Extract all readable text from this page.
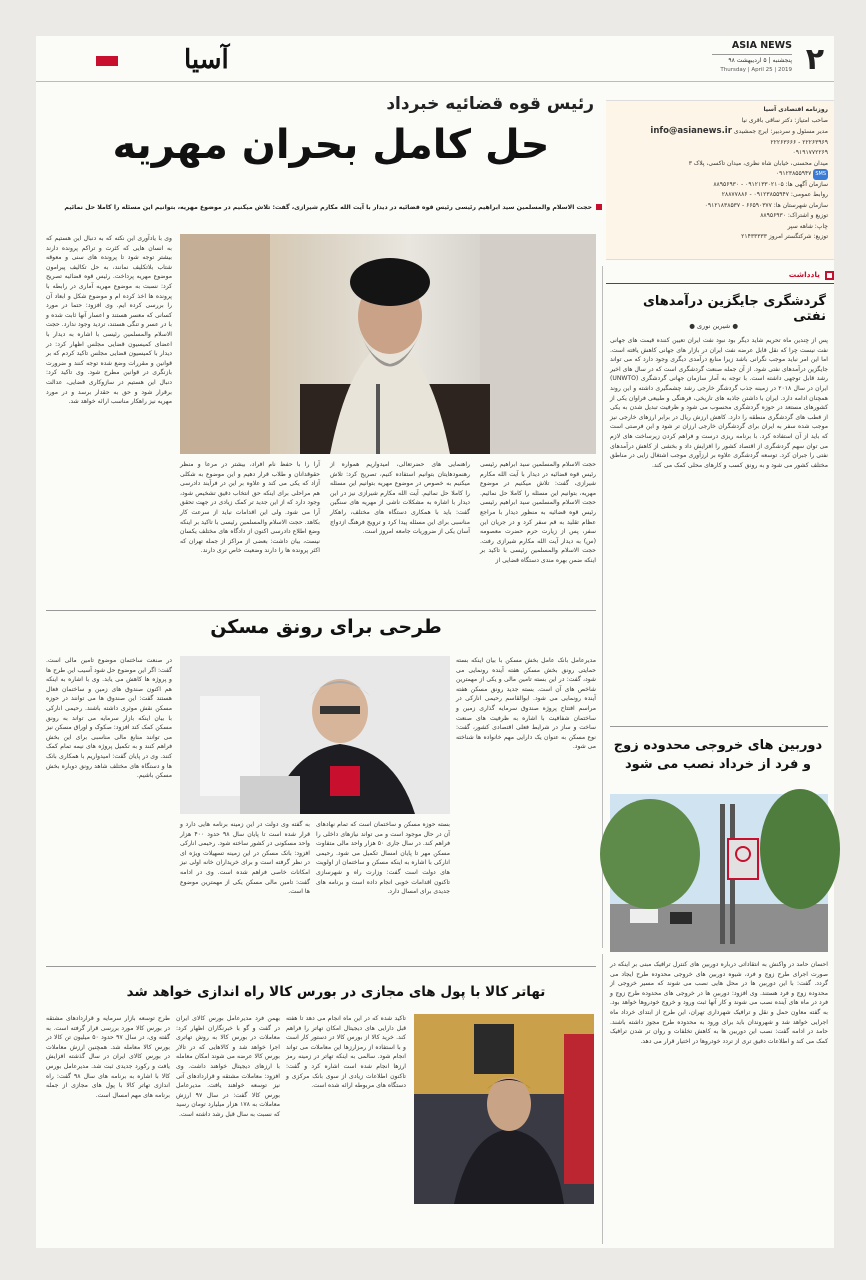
۲
ASIA NEWS
پنجشنبه | ۵ اردیبهشت ۹۸
Thursday | April 25 | 2019
آسیا
رئیس قوه قضائیه خبرداد
حل کامل بحران مهریه
حجت الاسلام والمسلمین سید ابراهیم رئیسی رئیس قوه قضائیه در دیدار با آیت الله مکارم شیرازی، گفت: تلاش میکنیم در موضوع مهریه، بتوانیم این مسئله را کاملا حل نمائیم
حجت الاسلام والمسلمین سید ابراهیم رئیسی رئیس قوه قضائیه در دیدار با آیت الله مکارم شیرازی، گفت: تلاش میکنیم در موضوع مهریه، بتوانیم این مسئله را کاملا حل نمائیم. حجت الاسلام والمسلمین سید ابراهیم رئیسی رئیس قوه قضائیه به منظور دیدار با مراجع عظام تقلید به قم سفر کرد و در جریان این سفر، پس از زیارت حرم حضرت معصومه (س) به دیدار آیت الله مکارم شیرازی رفت. حجت الاسلام والمسلمین رئیسی با تاکید بر اینکه ضمن بهره مندی دستگاه قضایی از
راهنمایی های حضرتعالی، امیدواریم همواره از رهنمودهایتان بتوانیم استفاده کنیم، تصریح کرد: تلاش میکنیم به خصوص در موضوع مهریه بتوانیم این مسئله را کاملا حل نمائیم. آیت الله مکارم شیرازی نیز در این دیدار با اشاره به مشکلات ناشی از مهریه های سنگین گفت: باید با همکاری دستگاه های مختلف، راهکار مناسبی برای این مسئله پیدا کرد و ترویج فرهنگ ازدواج آسان یکی از ضروریات جامعه امروز است.
آرا را با حفظ نام افراد، بیشتر در مرعا و منظر حقوقدانان و طلاب قرار دهیم و این موضوع به شکلی آزاد که یکی می کند و علاوه بر این در فرآیند دادرسی هم مراحلی برای اینکه حق انتخاب دقیق تشخیص شود، وجود دارد که از این جدید تر کمک زیادی در جهت تحقق آرا می شود. ولی این اقدامات نباید از سرعت کار بکاهد. حجت الاسلام والمسلمین رئیسی با تاکید بر اینکه وضع اطلاع دادرسی اکنون از دادگاه های مختلف یکسان نیست، بیان داشت: بعضی از مراکز از جمله تهران که اکثر پرونده ها را دارند وضعیت خاص تری دارند.
وی با یادآوری این نکته که به دنبال این هستیم که به انسان هایی که کثرت و تراکم پرونده دارند بیشتر توجه شود تا پرونده های سنی و معوقه شتاب بلاتکلیف نمانند، به حل تکالیف پیرامون موضوع مهریه پرداخت. رئیس قوه قضائیه تصریح کرد: نسبت به موضوع مهریه آماری در رابطه با پرونده ها اخذ کرده ام و موضوع شکل و ابعاد آن را بررسی کرده ایم. وی افزود: حتما در مورد کسانی که معسر هستند و اعسار آنها ثابت شده و با در عسر و تنگی هستند، تردید وجود ندارد. حجت الاسلام والمسلمین رئیسی با اشاره به دیدار با اعضای کمیسیون قضایی مجلس اظهار کرد: در دیدار با کمیسیون قضایی مجلس تاکید کردم که بر قوانین و مقررات وضع شده توجه کنند و ضرورت بازنگری در قوانین مطرح شود. وی تاکید کرد: دنبال این هستیم در سازوکاری قضایی، عدالت برقرار شود و حق به حقدار برسد و در مورد مهریه نیز راهکار مناسب ارائه خواهد شد.
روزنامه اقتصادی آسیا
صاحب امتیاز: دکتر ساقی باقری نیا
مدیر مسئول و سردبیر: ایرج جمشیدی info@asianews.ir
۲۲۲۶۳۹۶۹ - ۲۲۲۶۳۶۶۶
۰۹۱۹۱۷۷۲۲۶۹
میدان محسنی، خیابان شاه نظری، میدان تاکسی، پلاک ۳
SMS ۰۹۱۲۳۸۵۵۹۴۷
سازمان آگهی ها: ۰۹۱۲۱۳۳۰۲۱۰۵ - ۸۸۹۵۶۹۳۰
روابط عمومی: ۰۹۱۲۳۸۵۵۹۴۷ - ۲۸۸۷۷۸۸۶
سازمان شهرستان ها: ۶۶۵۹۰۳۷۷ - ۰۹۱۲۱۸۳۸۵۳۷
توزیع و اشتراک: ۸۸۹۵۶۹۳۰
چاپ: شاهه سپر
توزیع: شرکتگستر امروز ۲۱۴۳۳۳۳۳
یادداشت
گردشگری جایگزین درآمدهای نفتی
● شیرین نوری ●
پس از چندین ماه تحریم شاید دیگر بود نبود نفت ایران تعیین کننده قیمت های جهانی نفت نیست چرا که نقل قابل عرضه نفت ایران در بازار های جهانی کاهش یافته است. اما این امر نباید موجب نگرانی باشد زیرا منابع درآمدی دیگری وجود دارد که می تواند جایگزین درآمدهای نفتی شود. از آن جمله صنعت گردشگری است که در سال های اخیر رشد قابل توجهی داشته است. با توجه به آمار سازمان جهانی گردشگری (UNWTO) ایران در سال ۲۰۱۸ در زمینه جذب گردشگر خارجی رشد چشمگیری داشته و این روند همچنان ادامه دارد. ایران با داشتن جاذبه های تاریخی، فرهنگی و طبیعی فراوان یکی از کشورهای مستعد در حوزه گردشگری محسوب می شود و ظرفیت تبدیل شدن به یکی از قطب های گردشگری منطقه را دارد. کاهش ارزش ریال در برابر ارزهای خارجی نیز موجب شده سفر به ایران برای گردشگران خارجی ارزان تر شود و این فرصتی است که باید از آن استفاده کرد. با برنامه ریزی درست و فراهم کردن زیرساخت های لازم می توان سهم گردشگری از اقتصاد کشور را افزایش داد و بخشی از کاهش درآمدهای نفتی را جبران کرد. توسعه گردشگری علاوه بر ارزآوری موجب اشتغال زایی در مناطق مختلف کشور می شود و به رونق کسب و کارهای محلی کمک می کند.
طرحی برای رونق مسکن
مدیرعامل بانک عامل بخش مسکن با بیان اینکه بسته حمایتی رونق بخش مسکن هفته آینده رونمایی می شود، گفت: در این بسته تامین مالی و یکی از مهمترین شاخص های آن است. بسته جدید رونق مسکن هفته آینده رونمایی می شود. ابوالقاسم رحیمی انارکی در مراسم افتتاح پروژه صندوق سرمایه گذاری زمین و ساختمان شفافیت با اشاره به ظرفیت های صنعت ساخت و ساز در شرایط فعلی اقتصادی کشور، گفت: نوع مسکن به عنوان یک دارایی مهم خانواده ها شناخته می شود.
بسته حوزه مسکن و ساختمان است که تمام نهادهای آن در حال موجود است و می تواند نیازهای داخلی را فراهم کند. در سال جاری ۵۰ هزار واحد مالی متفاوت مسکن مهر تا پایان امسال تکمیل می شود. رحیمی انارکی با اشاره به اینکه مسکن و ساختمان از اولویت های دولت است گفت: وزارت راه و شهرسازی تاکنون اقدامات خوبی انجام داده است و برنامه های جدیدی برای امسال دارد.
به گفته وی دولت در این زمینه برنامه هایی دارد و قرار شده است تا پایان سال ۹۸ حدود ۴۰۰ هزار واحد مسکونی در کشور ساخته شود. رحیمی انارکی افزود: بانک مسکن در این زمینه تسهیلات ویژه ای در نظر گرفته است و برای خریداران خانه اولی نیز امکانات خاصی فراهم شده است. وی در ادامه گفت: تامین مالی مسکن یکی از مهمترین موضوع ها است.
در صنعت ساختمان موضوع تامین مالی است. گفت: اگر این موضوع حل شود آسیب این طرح ها و پروژه ها کاهش می یابد. وی با اشاره به اینکه هم اکنون صندوق های زمین و ساختمان فعال هستند گفت: این صندوق ها می توانند در حوزه مسکن نقش موثری داشته باشند. رحیمی انارکی با بیان اینکه بازار سرمایه می تواند به رونق مسکن کمک کند افزود: صکوک و اوراق مسکن نیز می توانند منابع مالی مناسبی برای این بخش فراهم کنند و به تکمیل پروژه های نیمه تمام کمک کنند. وی در پایان گفت: امیدواریم با همکاری بانک ها و دستگاه های مختلف شاهد رونق دوباره بخش مسکن باشیم.
دوربین های خروجی محدوده زوج و فرد از خرداد نصب می شود
احسان حامد در واکنش به انتقاداتی درباره دوربین های کنترل ترافیک مبنی بر اینکه در صورت اجرای طرح زوج و فرد، شیوه دوربین های خروجی محدوده طرح ایجاد می گردد. گفت: با این دوربین ها در محل هایی نصب می شوند که مسیر خروجی از محدوده زوج و فرد هستند. وی افزود: دوربین ها در خروجی های محدوده طرح زوج و فرد در ماه های آینده نصب می شوند و کار آنها ثبت ورود و خروج خودروها خواهد بود. به گفته معاون حمل و نقل و ترافیک شهرداری تهران، این طرح از ابتدای خرداد ماه اجرایی خواهد شد و شهروندان باید برای ورود به محدوده طرح مجوز داشته باشند. حامد در ادامه گفت: نصب این دوربین ها به کاهش تخلفات و روان تر شدن ترافیک کمک می کند و اطلاعات دقیق تری از تردد خودروها در اختیار قرار می دهد.
تهاتر کالا با پول های مجازی در بورس کالا راه اندازی خواهد شد
تاکید شده که در این ماه انجام می دهد تا هفته قبل دارایی های دیجیتال امکان تهاتر را فراهم کند. خرید کالا از بورس کالا در دستور کار است و با استفاده از رمزارزها این معاملات می تواند انجام شود. سالمی به اینکه تهاتر در زمینه رمز ارزها انجام شده است اشاره کرد و گفت: تاکنون اطلاعات زیادی از سوی بانک مرکزی و دستگاه های مربوطه ارائه شده است.
بهمن فرد مدیرعامل بورس کالای ایران در گفت و گو با خبرنگاران اظهار کرد: معاملات در بورس کالا به روش تهاتری اجرا خواهد شد و کالاهایی که در تالار بورس کالا عرضه می شوند امکان معامله با ارزهای دیجیتال خواهند داشت. وی افزود: معاملات مشتقه و قراردادهای آتی نیز توسعه خواهند یافت. مدیرعامل بورس کالا گفت: در سال ۹۷ ارزش معاملات به ۱۷۸ هزار میلیارد تومان رسید که نسبت به سال قبل رشد داشته است.
طرح توسعه بازار سرمایه و قراردادهای مشتقه در بورس کالا مورد بررسی قرار گرفته است. به گفته وی، در سال ۹۷ حدود ۵۰ میلیون تن کالا در بورس کالا معامله شد. همچنین ارزش معاملات در بورس کالای ایران در سال گذشته افزایش یافت و رکورد جدیدی ثبت شد. مدیرعامل بورس کالا با اشاره به برنامه های سال ۹۸ گفت: راه اندازی تهاتر کالا با پول های مجازی از جمله برنامه های مهم امسال است.
